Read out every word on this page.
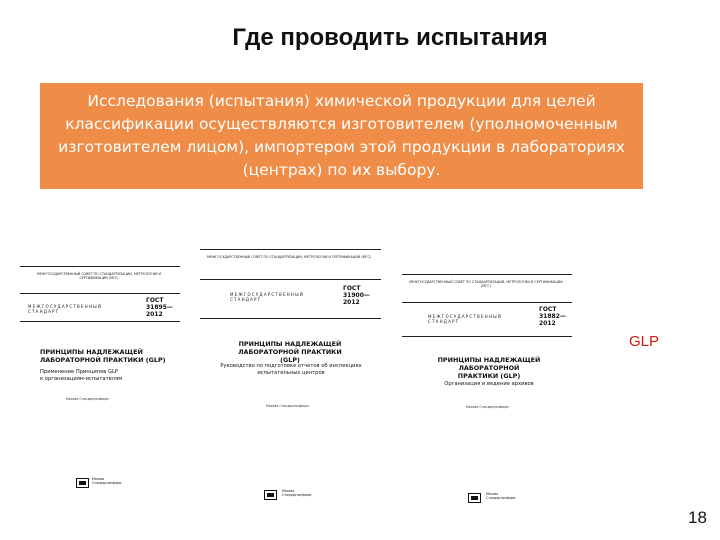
Где проводить испытания
Исследования (испытания) химической продукции для целей
классификации осуществляются изготовителем (уполномоченным
изготовителем лицом), импортером этой продукции в лабораториях
(центрах) по их выбору.
МЕЖГОСУДАРСТВЕННЫЙ СОВЕТ ПО СТАНДАРТИЗАЦИИ, МЕТРОЛОГИИ И СЕРТИФИКАЦИИ (МГС)
МЕЖГОСУДАРСТВЕННЫЙ СТАНДАРТ
ГОСТ
31895—
2012
ПРИНЦИПЫ НАДЛЕЖАЩЕЙ
ЛАБОРАТОРНОЙ ПРАКТИКИ (GLP)
Применение Принципов GLP
к организациям-испытателям
Москва Стандартинформ
Москва Стандартинформ
МЕЖГОСУДАРСТВЕННЫЙ СОВЕТ ПО СТАНДАРТИЗАЦИИ, МЕТРОЛОГИИ И СЕРТИФИКАЦИИ (МГС)
МЕЖГОСУДАРСТВЕННЫЙ СТАНДАРТ
ГОСТ
31900—
2012
ПРИНЦИПЫ НАДЛЕЖАЩЕЙ
ЛАБОРАТОРНОЙ ПРАКТИКИ (GLP)
Руководство по подготовке отчетов об инспекциях
испытательных центров
Москва Стандартинформ
Москва Стандартинформ
МЕЖГОСУДАРСТВЕННЫЙ СОВЕТ ПО СТАНДАРТИЗАЦИИ, МЕТРОЛОГИИ И СЕРТИФИКАЦИИ (МГС)
МЕЖГОСУДАРСТВЕННЫЙ СТАНДАРТ
ГОСТ
31882—
2012
ПРИНЦИПЫ НАДЛЕЖАЩЕЙ ЛАБОРАТОРНОЙ
ПРАКТИКИ (GLP)
Организация и ведение архивов
Москва Стандартинформ
Москва Стандартинформ
GLP
18
